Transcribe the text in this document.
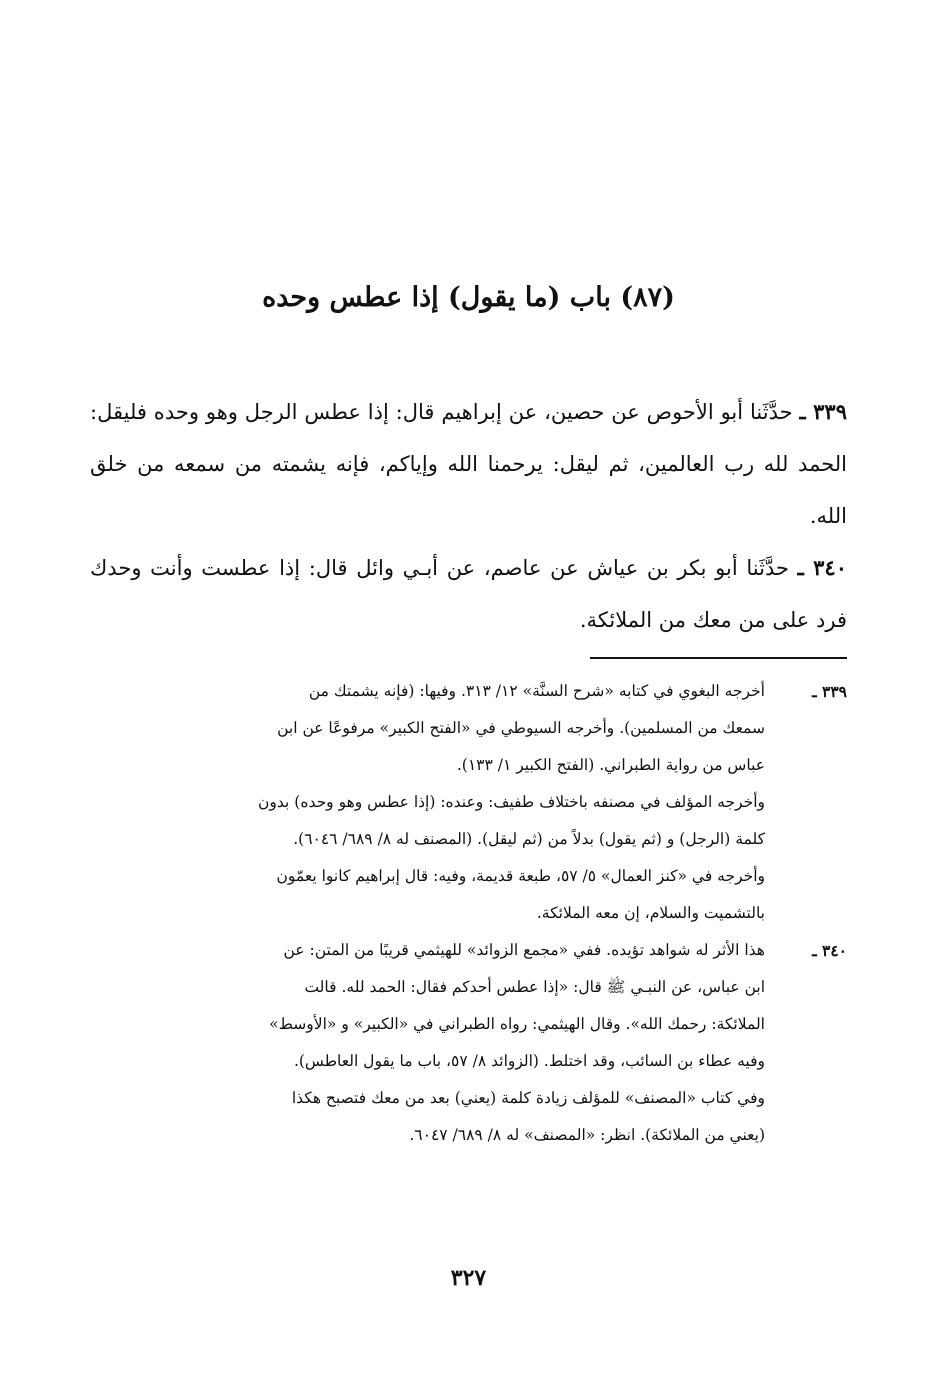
(٨٧) باب (ما يقول) إذا عطس وحده

٣٣٩ ـ حدَّثَنا أبو الأحوص عن حصين، عن إبراهيم قال: إذا عطس الرجل وهو وحده فليقل: الحمد لله رب العالمين، ثم ليقل: يرحمنا الله وإياكم، فإنه يشمته من سمعه من خلق الله.

٣٤٠ ـ حدَّثَنا أبو بكر بن عياش عن عاصم، عن أبـي وائل قال: إذا عطست وأنت وحدك فرد على من معك من الملائكة.

٣٣٩ ـ

أخرجه البغوي في كتابه «شرح السنَّة» ١٢/ ٣١٣. وفيها: (فإنه يشمتك من

سمعك من المسلمين). وأخرجه السيوطي في «الفتح الكبير» مرفوعًا عن ابن

عباس من رواية الطبراني. (الفتح الكبير ١/ ١٣٣).

وأخرجه المؤلف في مصنفه باختلاف طفيف: وعنده: (إذا عطس وهو وحده) بدون

كلمة (الرجل) و (ثم يقول) بدلاً من (ثم ليقل). (المصنف له ٨/ ٦٨٩/ ٦٠٤٦).

وأخرجه في «كنز العمال» ٥/ ٥٧، طبعة قديمة، وفيه: قال إبراهيم كانوا يعمّون

بالتشميت والسلام، إن معه الملائكة.

٣٤٠ ـ

هذا الأثر له شواهد تؤيده. ففي «مجمع الزوائد» للهيثمي قريبًا من المتن: عن

ابن عباس، عن النبـي ﷺ قال: «إذا عطس أحدكم فقال: الحمد لله. قالت

الملائكة: رحمك الله». وقال الهيثمي: رواه الطبراني في «الكبير» و «الأوسط»

وفيه عطاء بن السائب، وقد اختلط. (الزوائد ٨/ ٥٧، باب ما يقول العاطس).

وفي كتاب «المصنف» للمؤلف زيادة كلمة (يعني) بعد من معك فتصبح هكذا

(يعني من الملائكة). انظر: «المصنف» له ٨/ ٦٨٩/ ٦٠٤٧.

٣٢٧
